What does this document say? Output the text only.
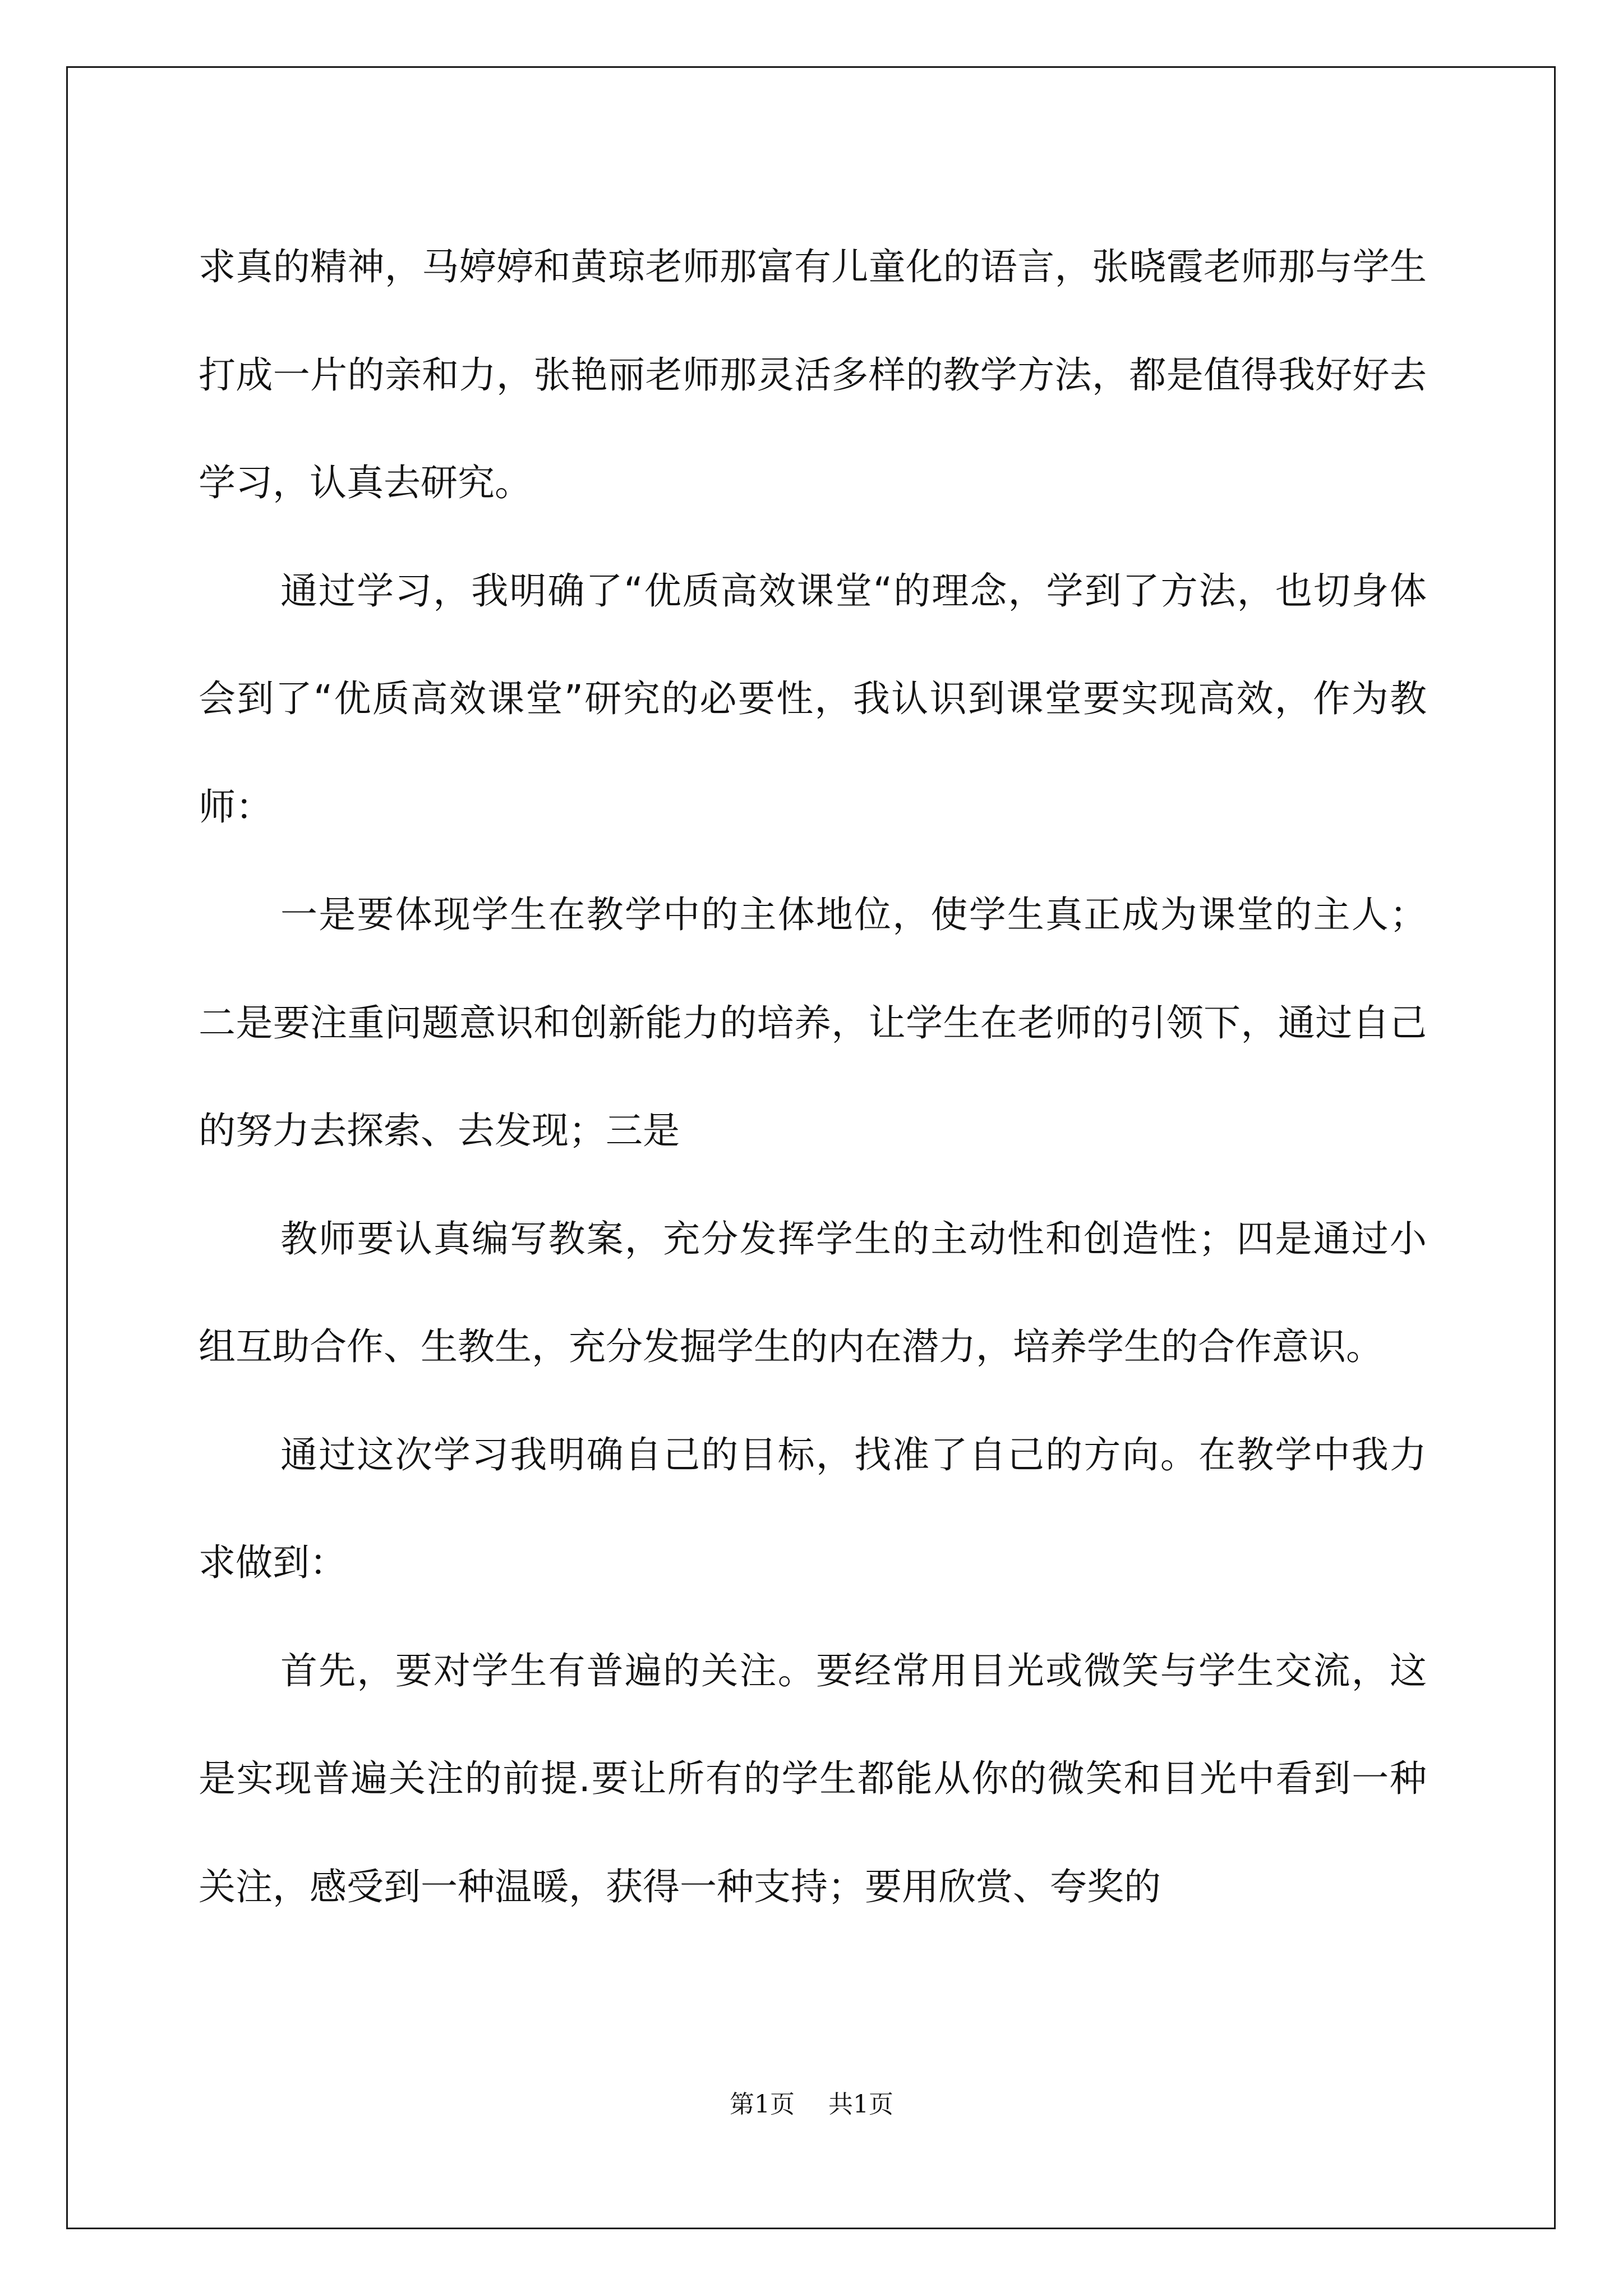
求真的精神，马婷婷和黄琼老师那富有儿童化的语言，张晓霞老师那与学生打成一片的亲和力，张艳丽老师那灵活多样的教学方法，都是值得我好好去学习，认真去研究。

通过学习，我明确了“优质高效课堂“的理念，学到了方法，也切身体会到了“优质高效课堂”研究的必要性，我认识到课堂要实现高效，作为教师：

一是要体现学生在教学中的主体地位，使学生真正成为课堂的主人；二是要注重问题意识和创新能力的培养，让学生在老师的引领下，通过自己的努力去探索、去发现；三是

教师要认真编写教案，充分发挥学生的主动性和创造性；四是通过小组互助合作、生教生，充分发掘学生的内在潜力，培养学生的合作意识。

通过这次学习我明确自己的目标，找准了自己的方向。在教学中我力求做到：

首先，要对学生有普遍的关注。要经常用目光或微笑与学生交流，这是实现普遍关注的前提.要让所有的学生都能从你的微笑和目光中看到一种关注，感受到一种温暖，获得一种支持；要用欣赏、夸奖的

第1页 共1页
